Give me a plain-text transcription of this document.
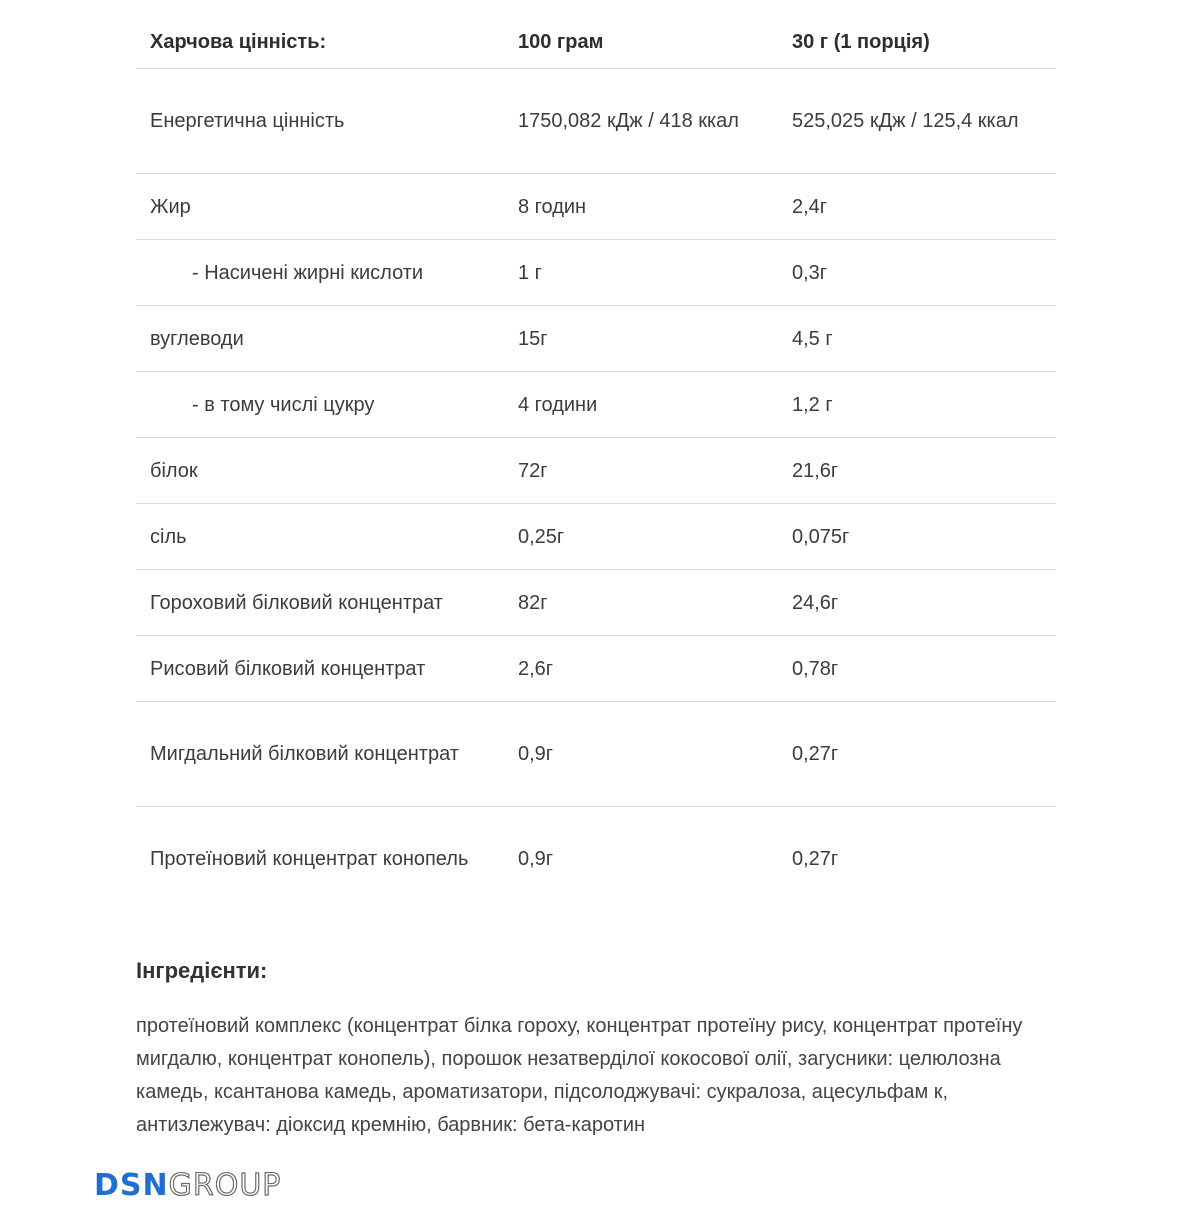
Харчова цінність:	100 грам	30 г (1 порція)
Енергетична цінність	1750,082 кДж / 418 ккал	525,025 кДж / 125,4 ккал
Жир	8 годин	2,4г
- Насичені жирні кислоти	1 г	0,3г
вуглеводи	15г	4,5 г
- в тому числі цукру	4 години	1,2 г
білок	72г	21,6г
сіль	0,25г	0,075г
Гороховий білковий концентрат	82г	24,6г
Рисовий білковий концентрат	2,6г	0,78г
Мигдальний білковий концентрат	0,9г	0,27г
Протеїновий концентрат конопель	0,9г	0,27г
Інгредієнти:

протеїновий комплекс (концентрат білка гороху, концентрат протеїну рису, концентрат протеїну мигдалю, концентрат конопель), порошок незатверділої кокосової олії, загусники: целюлозна камедь, ксантанова камедь, ароматизатори, підсолоджувачі: сукралоза, ацесульфам к, антизлежувач: діоксид кремнію, барвник: бета-каротин

DSNGROUP
